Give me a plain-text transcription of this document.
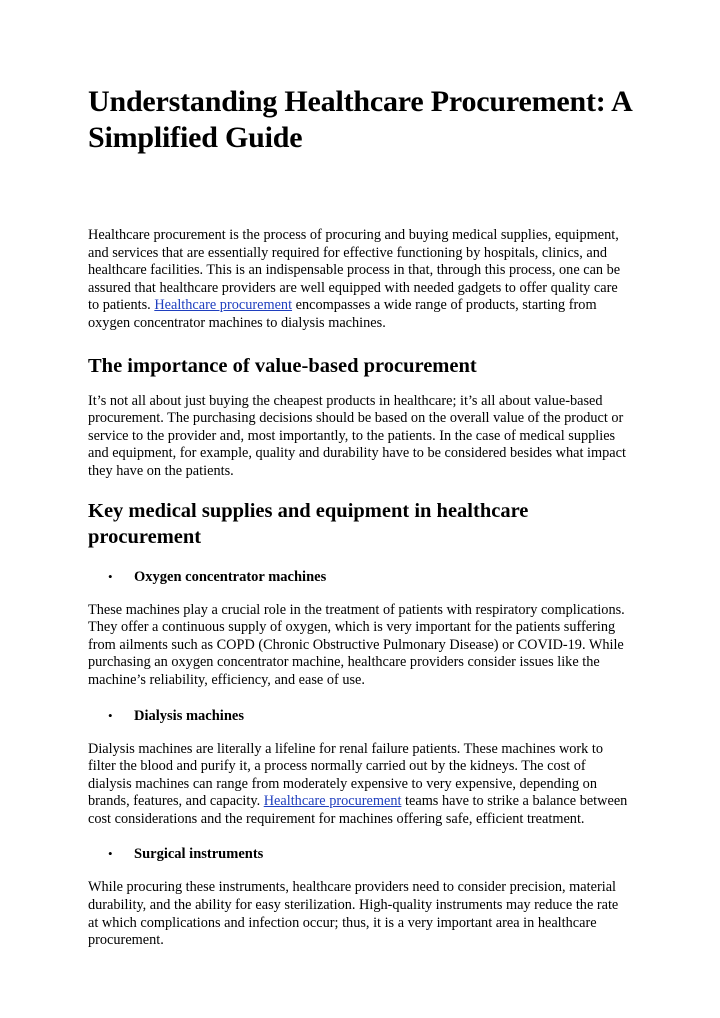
Understanding Healthcare Procurement: A Simplified Guide

Healthcare procurement is the process of procuring and buying medical supplies, equipment, and services that are essentially required for effective functioning by hospitals, clinics, and healthcare facilities. This is an indispensable process in that, through this process, one can be assured that healthcare providers are well equipped with needed gadgets to offer quality care to patients. Healthcare procurement encompasses a wide range of products, starting from oxygen concentrator machines to dialysis machines.

The importance of value-based procurement

It’s not all about just buying the cheapest products in healthcare; it’s all about value-based procurement. The purchasing decisions should be based on the overall value of the product or service to the provider and, most importantly, to the patients. In the case of medical supplies and equipment, for example, quality and durability have to be considered besides what impact they have on the patients.

Key medical supplies and equipment in healthcare procurement
•	Oxygen concentrator machines

These machines play a crucial role in the treatment of patients with respiratory complications. They offer a continuous supply of oxygen, which is very important for the patients suffering from ailments such as COPD (Chronic Obstructive Pulmonary Disease) or COVID-19. While purchasing an oxygen concentrator machine, healthcare providers consider issues like the machine’s reliability, efficiency, and ease of use.

•	Dialysis machines

Dialysis machines are literally a lifeline for renal failure patients. These machines work to filter the blood and purify it, a process normally carried out by the kidneys. The cost of dialysis machines can range from moderately expensive to very expensive, depending on brands, features, and capacity. Healthcare procurement teams have to strike a balance between cost considerations and the requirement for machines offering safe, efficient treatment.

•	Surgical instruments

While procuring these instruments, healthcare providers need to consider precision, material durability, and the ability for easy sterilization. High-quality instruments may reduce the rate at which complications and infection occur; thus, it is a very important area in healthcare procurement.
